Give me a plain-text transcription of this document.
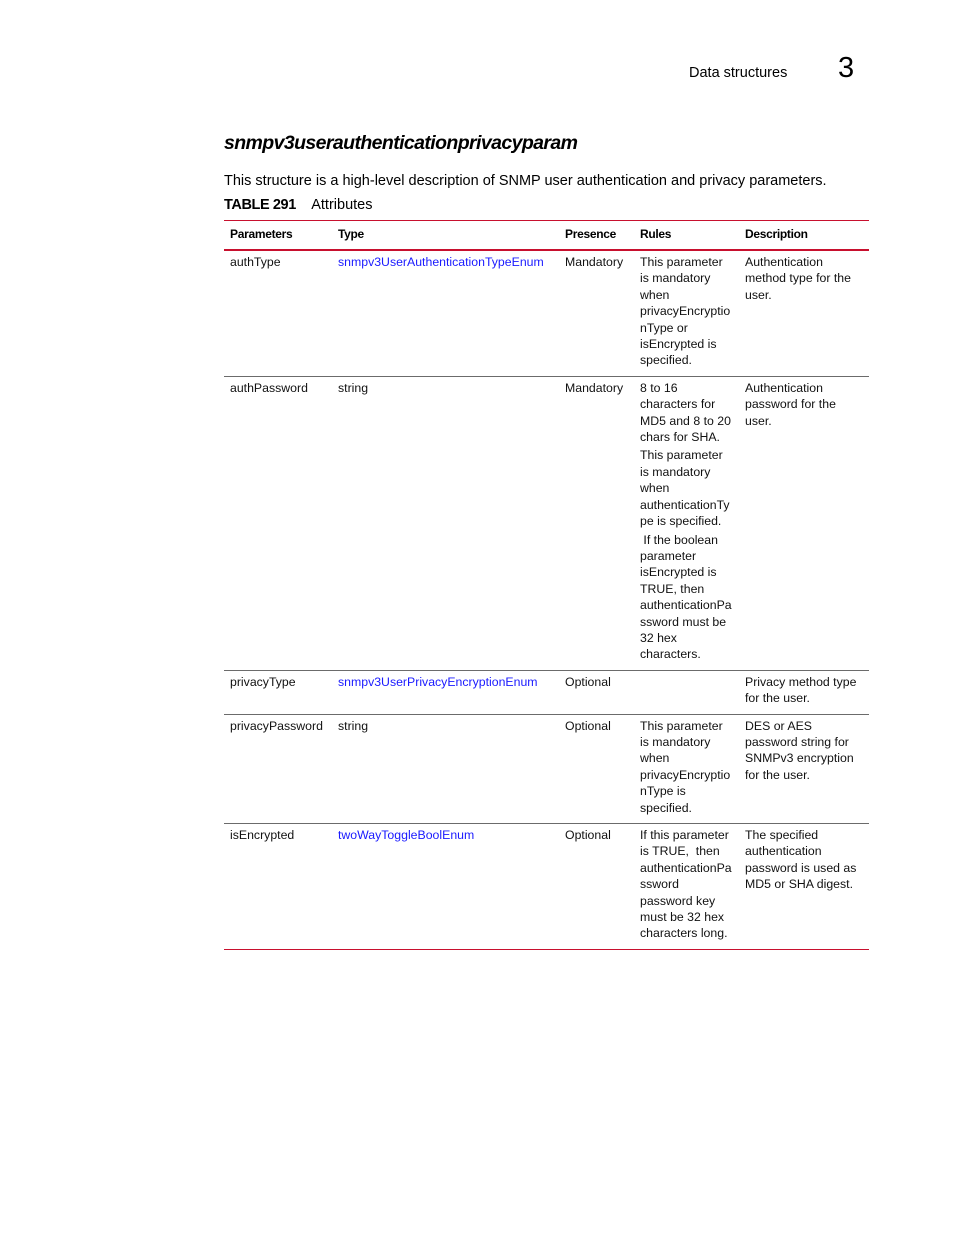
Data structures 3
snmpv3userauthenticationprivacyparam
This structure is a high-level description of SNMP user authentication and privacy parameters.
TABLE 291 Attributes
Parameters	Type	Presence	Rules	Description
authType	snmpv3UserAuthenticationTypeEnum	Mandatory	This parameter is mandatory when privacyEncryptionType or isEncrypted is specified.	Authentication method type for the user.
authPassword	string	Mandatory	8 to 16 characters for MD5 and 8 to 20 chars for SHA.
This parameter is mandatory when authenticationType is specified.
If the boolean parameter isEncrypted is TRUE, then authenticationPassword must be 32 hex characters.	Authentication password for the user.
privacyType	snmpv3UserPrivacyEncryptionEnum	Optional		Privacy method type for the user.
privacyPassword	string	Optional	This parameter is mandatory when privacyEncryptionType is specified.	DES or AES password string for SNMPv3 encryption for the user.
isEncrypted	twoWayToggleBoolEnum	Optional	If this parameter is TRUE,  then authenticationPassword password key must be 32 hex characters long.	The specified authentication password is used as MD5 or SHA digest.
